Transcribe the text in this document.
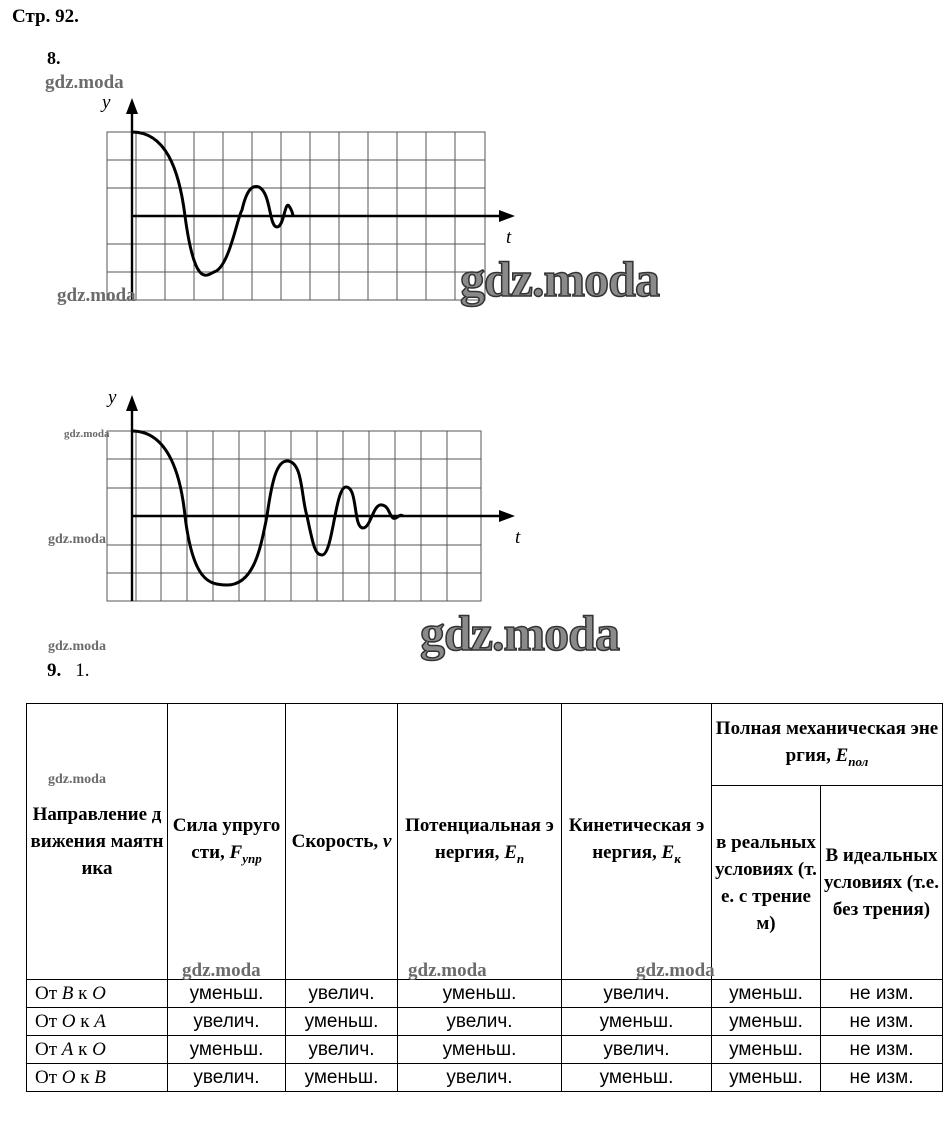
Стр. 92.
8.
y
t
y
t
gdz.moda
gdz.moda	gdz.moda
gdz.moda
gdz.moda
gdz.moda	gdz.moda
9. 1.
Направление движения маятника	Сила упругости, $F_{упр}$	Скорость, v	Потенциальная энергия, $E_п$	Кинетическая энергия, $E_к$	Полная механическая энергия, $E_{пол}$
					в реальных условиях (т.е. с трением)	В идеальных условиях (т.е. без трения)
От B к O	уменьш.	увелич.	уменьш.	увелич.	уменьш.	не изм.
От O к A	увелич.	уменьш.	увелич.	уменьш.	уменьш.	не изм.
От A к O	уменьш.	увелич.	уменьш.	увелич.	уменьш.	не изм.
От O к B	увелич.	уменьш.	увелич.	уменьш.	уменьш.	не изм.
gdz.moda	gdz.moda	gdz.moda
gdz.moda
